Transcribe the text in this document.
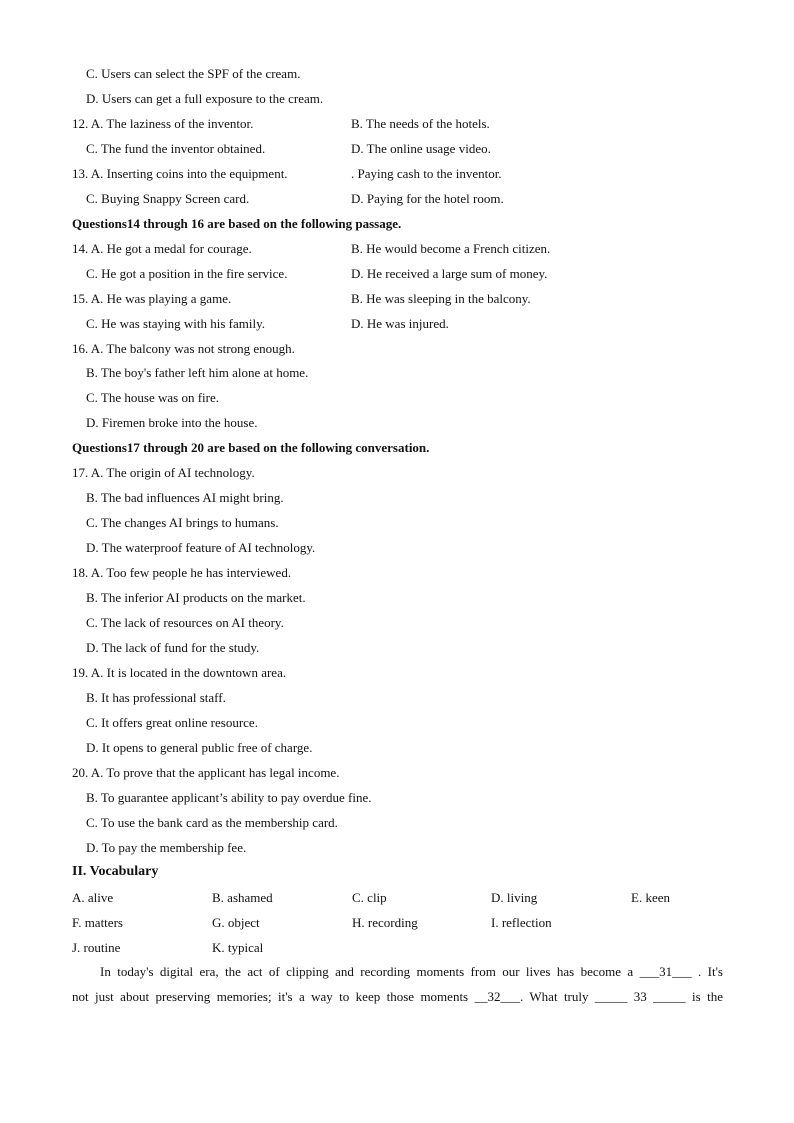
C. Users can select the SPF of the cream.
D. Users can get a full exposure to the cream.
12. A. The laziness of the inventor.	B. The needs of the hotels.
C. The fund the inventor obtained.	D. The online usage video.
13. A. Inserting coins into the equipment.	. Paying cash to the inventor.
C. Buying Snappy Screen card.	D. Paying for the hotel room.
Questions14 through 16 are based on the following passage.
14. A. He got a medal for courage.	B. He would become a French citizen.
C. He got a position in the fire service.	D. He received a large sum of money.
15. A. He was playing a game.	B. He was sleeping in the balcony.
C. He was staying with his family.	D. He was injured.
16. A. The balcony was not strong enough.
B. The boy's father left him alone at home.
C. The house was on fire.
D. Firemen broke into the house.
Questions17 through 20 are based on the following conversation.
17. A. The origin of AI technology.
B. The bad influences AI might bring.
C. The changes AI brings to humans.
D. The waterproof feature of AI technology.
18. A. Too few people he has interviewed.
B. The inferior AI products on the market.
C. The lack of resources on AI theory.
D. The lack of fund for the study.
19. A. It is located in the downtown area.
B. It has professional staff.
C. It offers great online resource.
D. It opens to general public free of charge.
20. A. To prove that the applicant has legal income.
B. To guarantee applicant’s ability to pay overdue fine.
C. To use the bank card as the membership card.
D. To pay the membership fee.
II. Vocabulary
A. alive	B. ashamed	C. clip	D. living	E. keen
F. matters	G. object	H. recording	I. reflection
J. routine	K. typical
In today's digital era, the act of clipping and recording moments from our lives has become a ___31___ . It's
not just about preserving memories; it's a way to keep those moments __32___. What truly _____ 33 _____ is the
